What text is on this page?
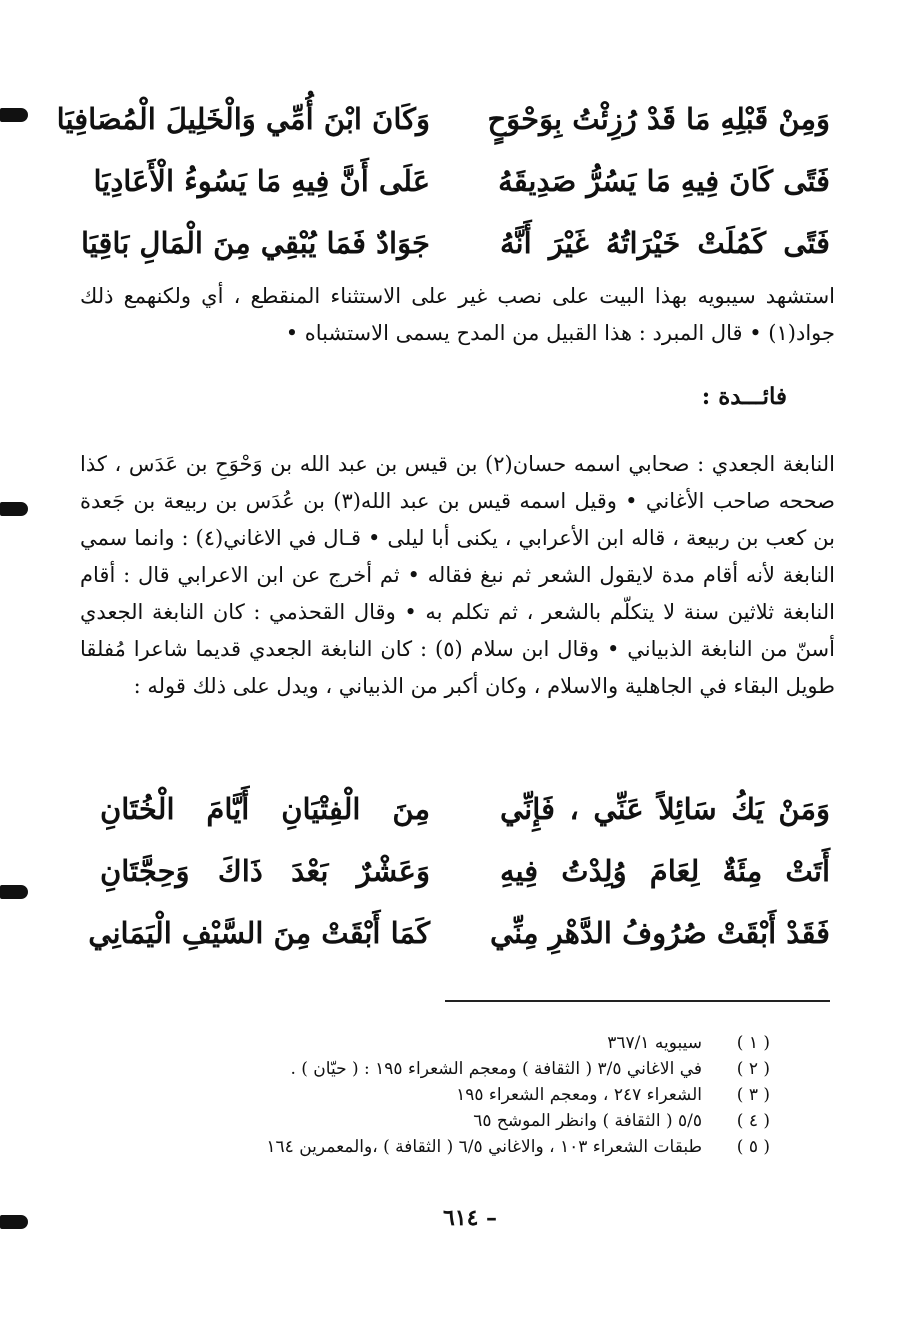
وَمِنْ قَبْلِهِ مَا قَدْ رُزِئْتُ بِوَحْوَحٍ
وَكَانَ ابْنَ أُمِّي وَالْخَلِيلَ الْمُصَافِيَا
فَتًى كَانَ فِيهِ مَا يَسُرُّ صَدِيقَهُ
عَلَى أَنَّ فِيهِ مَا يَسُوءُ الْأَعَادِيَا
فَتًى كَمُلَتْ خَيْرَاتُهُ غَيْرَ أَنَّهُ
جَوَادٌ فَمَا يُبْقِي مِنَ الْمَالِ بَاقِيَا

استشهد سيبويه بهذا البيت على نصب غير على الاستثناء المنقطع ، أي ولكنهمع ذلك جواد(١) • قال المبرد : هذا القبيل من المدح يسمى الاستشباه •

فائـــدة :

النابغة الجعدي : صحابي اسمه حسان(٢) بن قيس بن عبد الله بن وَحْوَحِ بن عَدَس ، كذا صححه صاحب الأغاني • وقيل اسمه قيس بن عبد الله(٣) بن عُدَس بن ربيعة بن جَعدة بن كعب بن ربيعة ، قاله ابن الأعرابي ، يكنى أبا ليلى • قـال في الاغاني(٤) : وانما سمي النابغة لأنه أقام مدة لايقول الشعر ثم نبغ فقاله • ثم أخرج عن ابن الاعرابي قال : أقام النابغة ثلاثين سنة لا يتكلّم بالشعر ، ثم تكلم به • وقال القحذمي : كان النابغة الجعدي أسنّ من النابغة الذبياني • وقال ابن سلام (٥) : كان النابغة الجعدي قديما شاعرا مُفلقا طويل البقاء في الجاهلية والاسلام ، وكان أكبر من الذبياني ، ويدل على ذلك قوله :

وَمَنْ يَكُ سَائِلاً عَنِّي ، فَإِنِّي
مِنَ الْفِتْيَانِ أَيَّامَ الْخُتَانِ
أَتَتْ مِئَةٌ لِعَامَ وُلِدْتُ فِيهِ
وَعَشْرٌ بَعْدَ ذَاكَ وَحِجَّتَانِ
فَقَدْ أَبْقَتْ صُرُوفُ الدَّهْرِ مِنِّي
كَمَا أَبْقَتْ مِنَ السَّيْفِ الْيَمَانِي
( ١ )
سيبويه ٣٦٧/١
( ٢ )
في الاغاني ٣/٥ ( الثقافة ) ومعجم الشعراء ١٩٥ : ( حيّان ) .
( ٣ )
الشعراء ٢٤٧ ، ومعجم الشعراء ١٩٥
( ٤ )
٥/٥ ( الثقافة ) وانظر الموشح ٦٥
( ٥ )
طبقات الشعراء ١٠٣ ، والاغاني ٦/٥ ( الثقافة ) ،والمعمرين ١٦٤
– ٦١٤
